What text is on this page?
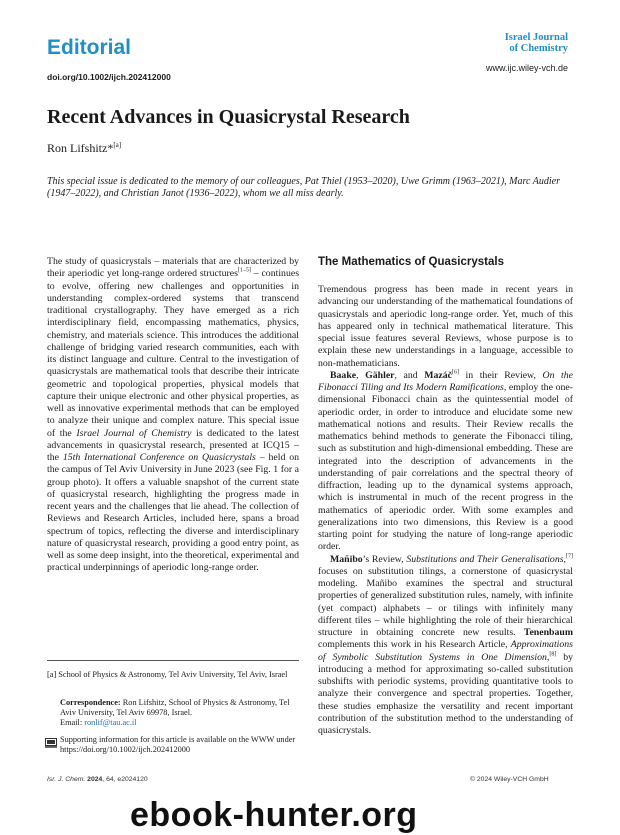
Editorial
doi.org/10.1002/ijch.202412000
Israel Journal
of Chemistry
www.ijc.wiley-vch.de
Recent Advances in Quasicrystal Research
Ron Lifshitz*[a]
This special issue is dedicated to the memory of our colleagues, Pat Thiel (1953–2020), Uwe Grimm (1963–2021), Marc Audier (1947–2022), and Christian Janot (1936–2022), whom we all miss dearly.

The study of quasicrystals – materials that are characterized by their aperiodic yet long-range ordered structures[1–5] – continues to evolve, offering new challenges and opportunities in understanding complex-ordered systems that transcend traditional crystallography. They have emerged as a rich interdisciplinary field, encompassing mathematics, physics, chemistry, and materials science. This introduces the additional challenge of bridging varied research communities, each with its distinct language and culture. Central to the investigation of quasicrystals are mathematical tools that describe their intricate geometric and topological properties, physical models that capture their unique electronic and other physical properties, as well as innovative experimental methods that can be employed to analyze their unique and complex nature. This special issue of the Israel Journal of Chemistry is dedicated to the latest advancements in quasicrystal research, presented at ICQ15 – the 15th International Conference on Quasicrystals – held on the campus of Tel Aviv University in June 2023 (see Fig. 1 for a group photo). It offers a valuable snapshot of the current state of quasicrystal research, highlighting the progress made in recent years and the challenges that lie ahead. The collection of Reviews and Research Articles, included here, spans a broad spectrum of topics, reflecting the diverse and interdisciplinary nature of quasicrystal research, providing a good entry point, as well as some deep insight, into the theoretical, experimental and practical underpinnings of aperiodic long-range order.

The Mathematics of Quasicrystals

Tremendous progress has been made in recent years in advancing our understanding of the mathematical foundations of quasicrystals and aperiodic long-range order. Yet, much of this has appeared only in technical mathematical literature. This special issue features several Reviews, whose purpose is to explain these new understandings in a language, accessible to non-mathematicians.

Baake, Gähler, and Mazáč[6] in their Review, On the Fibonacci Tiling and Its Modern Ramifications, employ the one-dimensional Fibonacci chain as the quintessential model of aperiodic order, in order to introduce and elucidate some new mathematical notions and results. Their Review recalls the mathematics behind methods to generate the Fibonacci tiling, such as substitution and high-dimensional embedding. These are integrated into the description of advancements in the understanding of pair correlations and the spectral theory of diffraction, leading up to the dynamical systems approach, which is instrumental in much of the recent progress in the mathematics of aperiodic order. With some examples and generalizations into two dimensions, this Review is a good starting point for studying the nature of long-range aperiodic order.

Mañibo’s Review, Substitutions and Their Generalisations,[7] focuses on substitution tilings, a cornerstone of quasicrystal modeling. Mañibo examines the spectral and structural properties of generalized substitution rules, namely, with infinite (yet compact) alphabets – or tilings with infinitely many different tiles – while highlighting the role of their hierarchical structure in obtaining concrete new results. Tenenbaum complements this work in his Research Article, Approximations of Symbolic Substitution Systems in One Dimension,[8] by introducing a method for approximating so-called substitution subshifts with periodic systems, providing quantitative tools to analyze their convergence and spectral properties. Together, these studies emphasize the versatility and recent important contribution of the substitution method to the understanding of quasicrystals.

[a] School of Physics & Astronomy, Tel Aviv University, Tel Aviv, Israel
Correspondence: Ron Lifshitz, School of Physics & Astronomy, Tel Aviv University, Tel Aviv 69978, Israel.
Email: ronlif@tau.ac.il
Supporting information for this article is available on the WWW under https://doi.org/10.1002/ijch.202412000
Isr. J. Chem. 2024, 64, e2024120	© 2024 Wiley-VCH GmbH
ebook-hunter.org
